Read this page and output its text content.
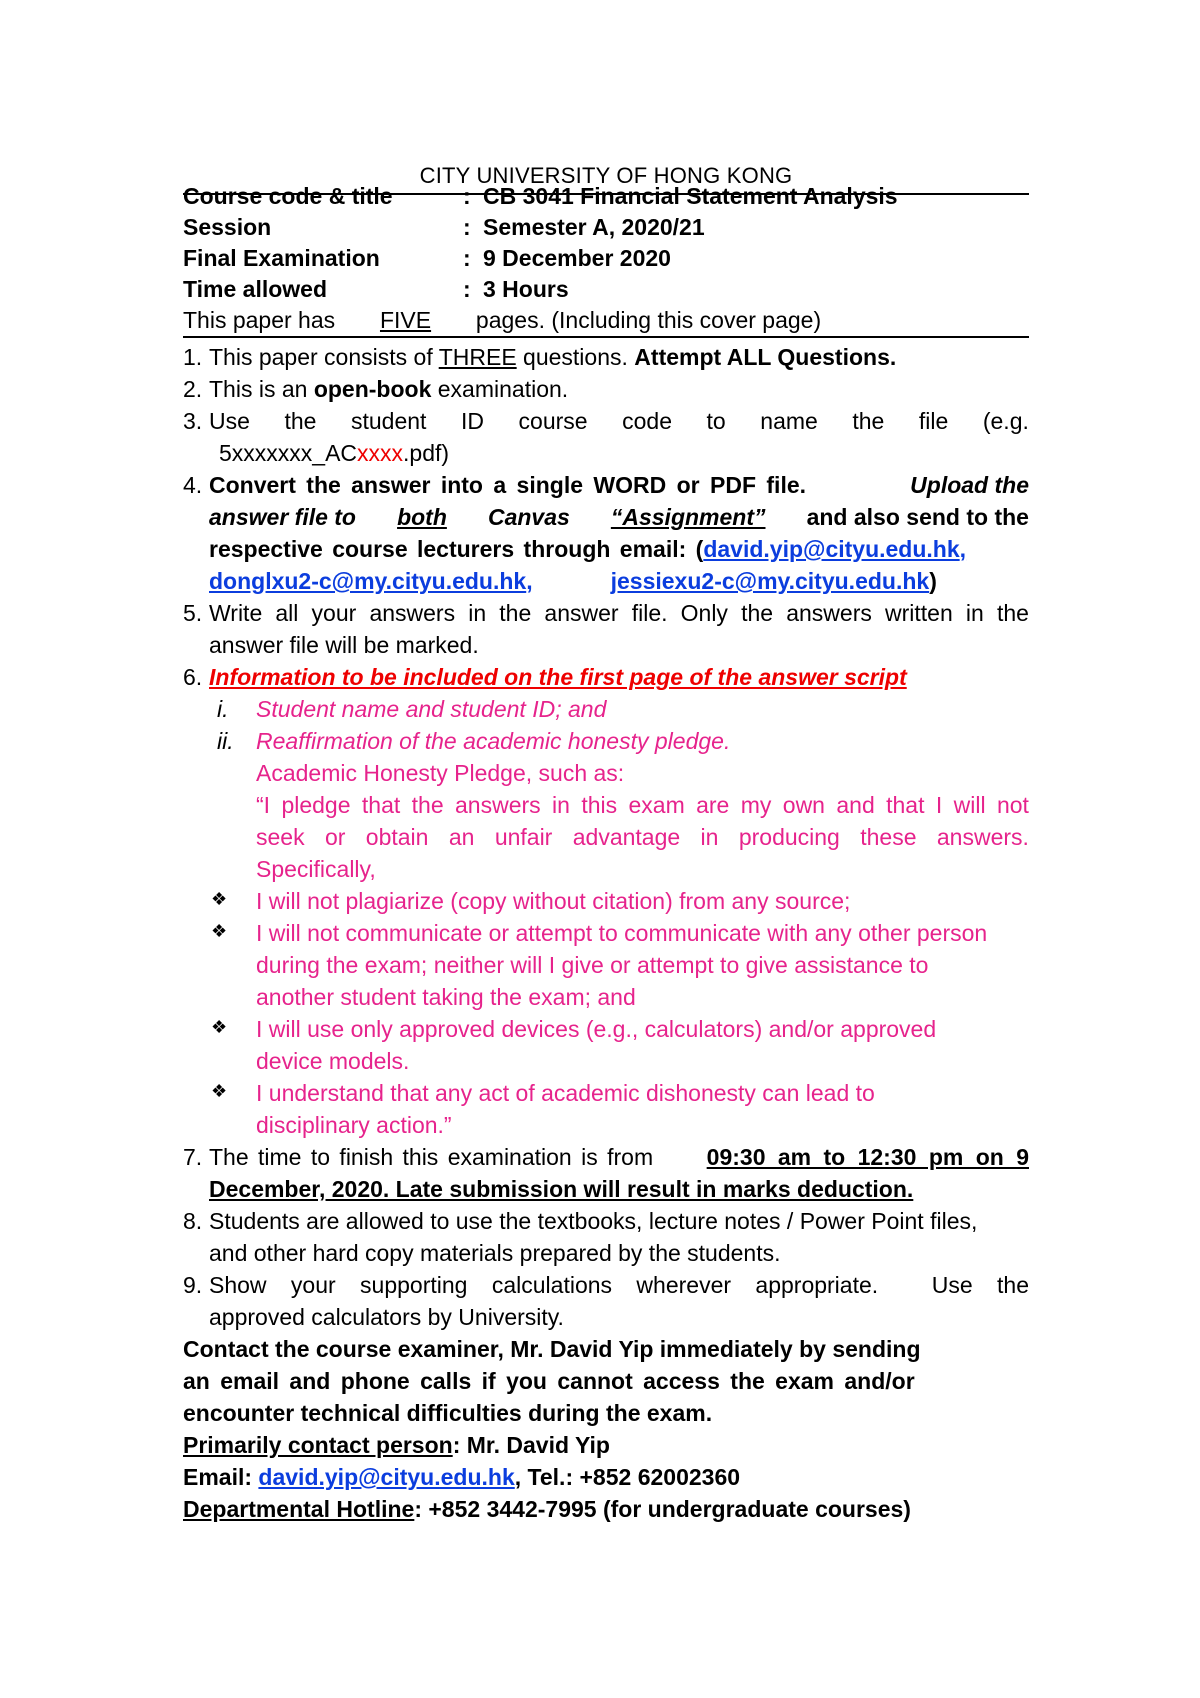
CITY UNIVERSITY OF HONG KONG
Course code & title	: CB 3041 Financial Statement Analysis
Session	: Semester A, 2020/21
Final Examination	: 9 December 2020
Time allowed	: 3 Hours
This paper has FIVE pages. (Including this cover page)
1. This paper consists of THREE questions. Attempt ALL Questions.
2. This is an open-book examination.
3. Use the student ID course code to name the file (e.g.
5xxxxxxx_ACxxxx.pdf)
4. Convert the answer into a single WORD or PDF file.	Upload the
answer file to both Canvas “Assignment” and also send to the
respective course lecturers through email: (david.yip@cityu.edu.hk,
donglxu2-c@my.cityu.edu.hk,	jessiexu2-c@my.cityu.edu.hk)
5. Write all your answers in the answer file. Only the answers written in the
answer file will be marked.
6. Information to be included on the first page of the answer script
i. Student name and student ID; and
ii. Reaffirmation of the academic honesty pledge.
Academic Honesty Pledge, such as:
“I pledge that the answers in this exam are my own and that I will not
seek or obtain an unfair advantage in producing these answers.
Specifically,
❖ I will not plagiarize (copy without citation) from any source;
❖ I will not communicate or attempt to communicate with any other person
during the exam; neither will I give or attempt to give assistance to
another student taking the exam; and
❖ I will use only approved devices (e.g., calculators) and/or approved
device models.
❖ I understand that any act of academic dishonesty can lead to
disciplinary action.”
7. The time to finish this examination is from 09:30 am to 12:30 pm on 9
December, 2020. Late submission will result in marks deduction.
8. Students are allowed to use the textbooks, lecture notes / Power Point files,
and other hard copy materials prepared by the students.
9. Show your supporting calculations wherever appropriate. Use the
approved calculators by University.
Contact the course examiner, Mr. David Yip immediately by sending
an email and phone calls if you cannot access the exam and/or
encounter technical difficulties during the exam.
Primarily contact person: Mr. David Yip
Email: david.yip@cityu.edu.hk, Tel.: +852 62002360
Departmental Hotline: +852 3442-7995 (for undergraduate courses)
